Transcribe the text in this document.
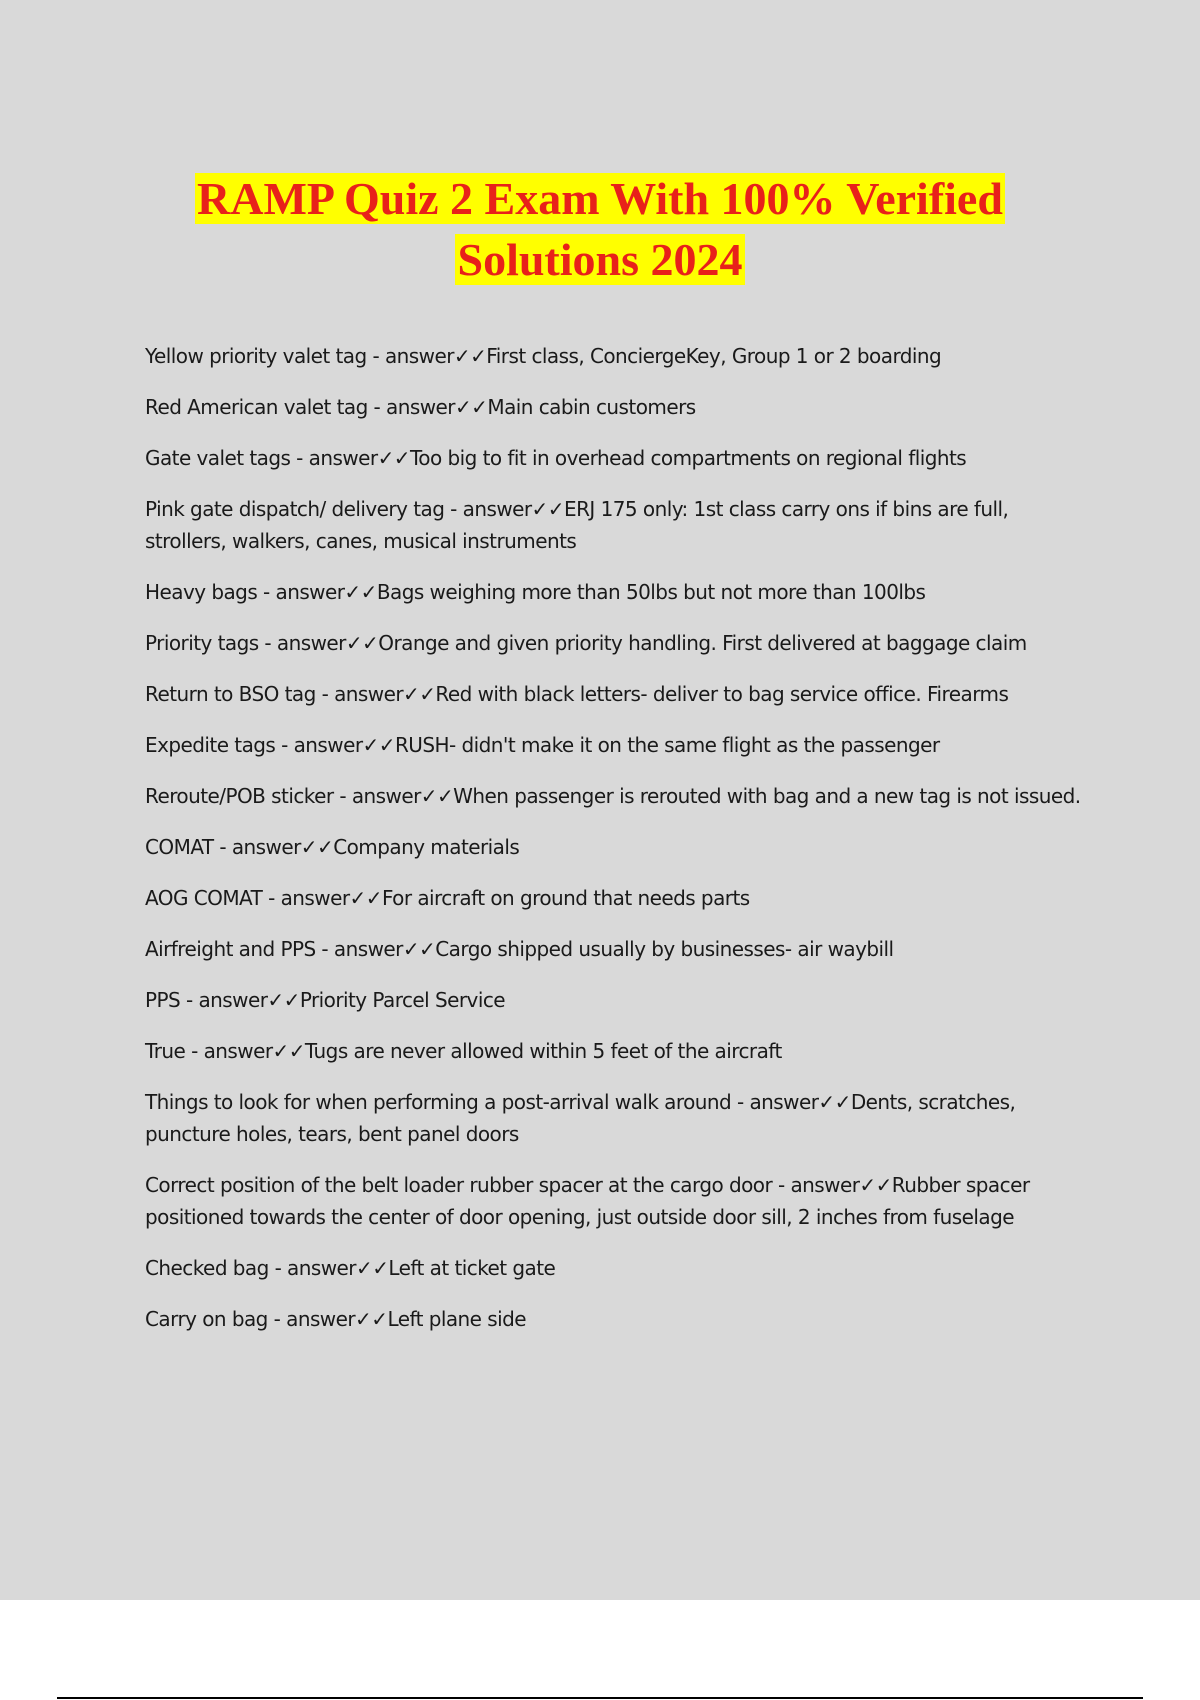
RAMP Quiz 2 Exam With 100% Verified
Solutions 2024

Yellow priority valet tag - answer✓✓First class, ConciergeKey, Group 1 or 2 boarding

Red American valet tag - answer✓✓Main cabin customers

Gate valet tags - answer✓✓Too big to fit in overhead compartments on regional flights

Pink gate dispatch/ delivery tag - answer✓✓ERJ 175 only: 1st class carry ons if bins are full, strollers, walkers, canes, musical instruments

Heavy bags - answer✓✓Bags weighing more than 50lbs but not more than 100lbs

Priority tags - answer✓✓Orange and given priority handling. First delivered at baggage claim

Return to BSO tag - answer✓✓Red with black letters- deliver to bag service office. Firearms

Expedite tags - answer✓✓RUSH- didn't make it on the same flight as the passenger

Reroute/POB sticker - answer✓✓When passenger is rerouted with bag and a new tag is not issued.

COMAT - answer✓✓Company materials

AOG COMAT - answer✓✓For aircraft on ground that needs parts

Airfreight and PPS - answer✓✓Cargo shipped usually by businesses- air waybill

PPS - answer✓✓Priority Parcel Service

True - answer✓✓Tugs are never allowed within 5 feet of the aircraft

Things to look for when performing a post-arrival walk around - answer✓✓Dents, scratches, puncture holes, tears, bent panel doors

Correct position of the belt loader rubber spacer at the cargo door - answer✓✓Rubber spacer positioned towards the center of door opening, just outside door sill, 2 inches from fuselage

Checked bag - answer✓✓Left at ticket gate

Carry on bag - answer✓✓Left plane side
